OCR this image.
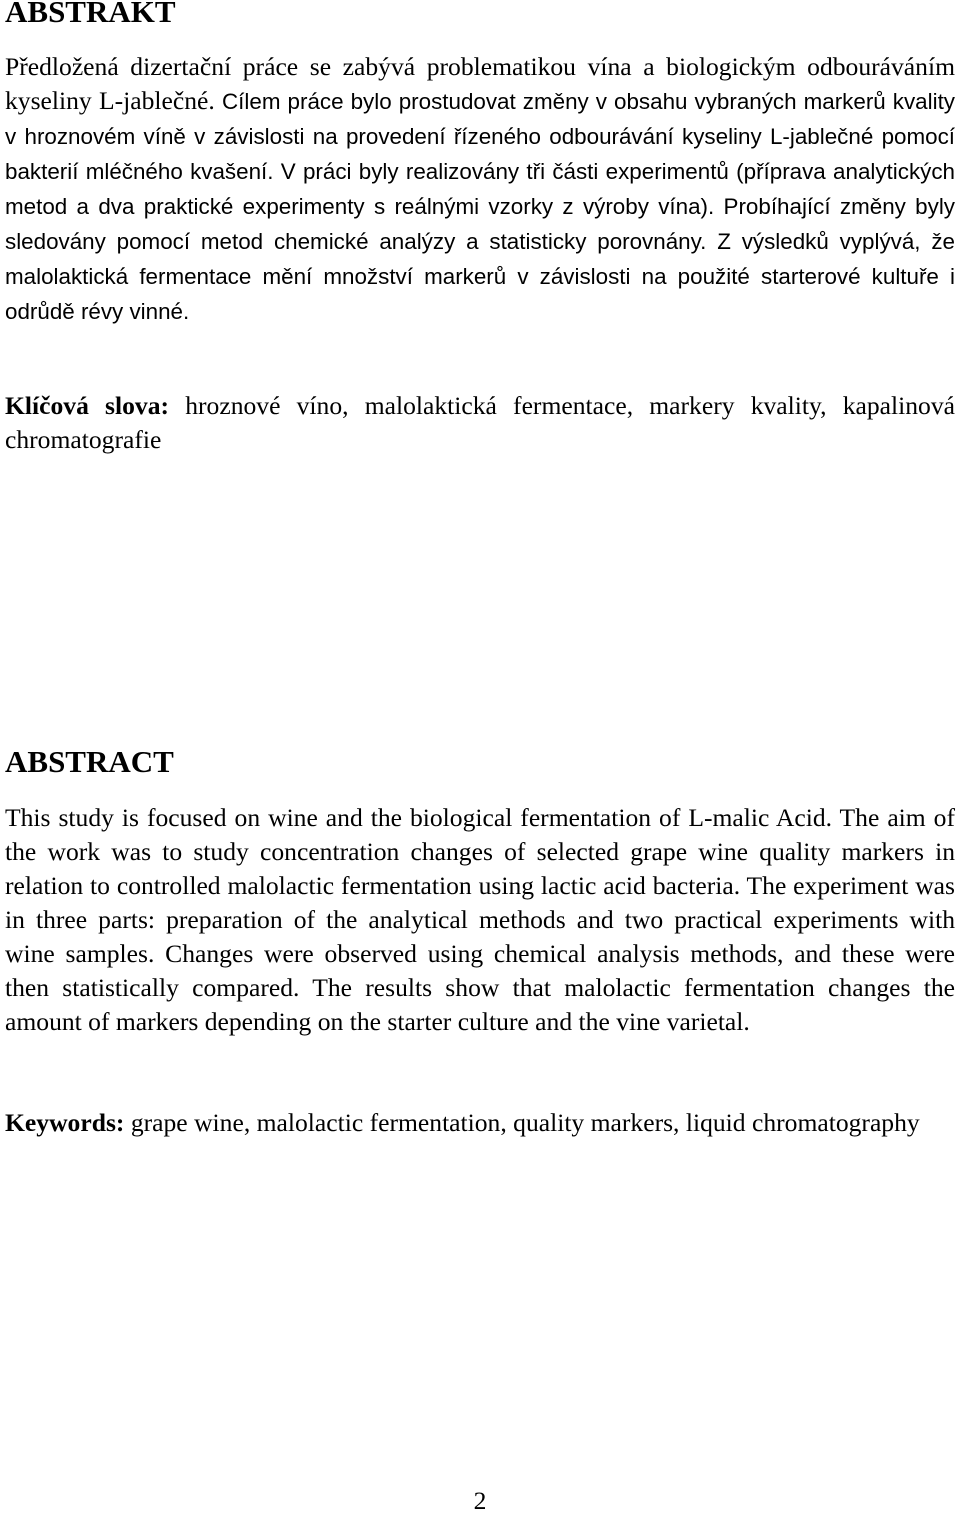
ABSTRAKT

Předložená dizertační práce se zabývá problematikou vína a biologickým odbouráváním kyseliny L-jablečné. Cílem práce bylo prostudovat změny v obsahu vybraných markerů kvality v hroznovém víně v závislosti na provedení řízeného odbourávání kyseliny L-jablečné pomocí bakterií mléčného kvašení. V práci byly realizovány tři části experimentů (příprava analytických metod a dva praktické experimenty s reálnými vzorky z výroby vína). Probíhající změny byly sledovány pomocí metod chemické analýzy a statisticky porovnány. Z výsledků vyplývá, že malolaktická fermentace mění množství markerů v závislosti na použité starterové kultuře i odrůdě révy vinné.

Klíčová slova: hroznové víno, malolaktická fermentace, markery kvality, kapalinová chromatografie

ABSTRACT

This study is focused on wine and the biological fermentation of L-malic Acid. The aim of the work was to study concentration changes of selected grape wine quality markers in relation to controlled malolactic fermentation using lactic acid bacteria. The experiment was in three parts: preparation of the analytical methods and two practical experiments with wine samples. Changes were observed using chemical analysis methods, and these were then statistically compared. The results show that malolactic fermentation changes the amount of markers depending on the starter culture and the vine varietal.

Keywords: grape wine, malolactic fermentation, quality markers, liquid chromatography

2
